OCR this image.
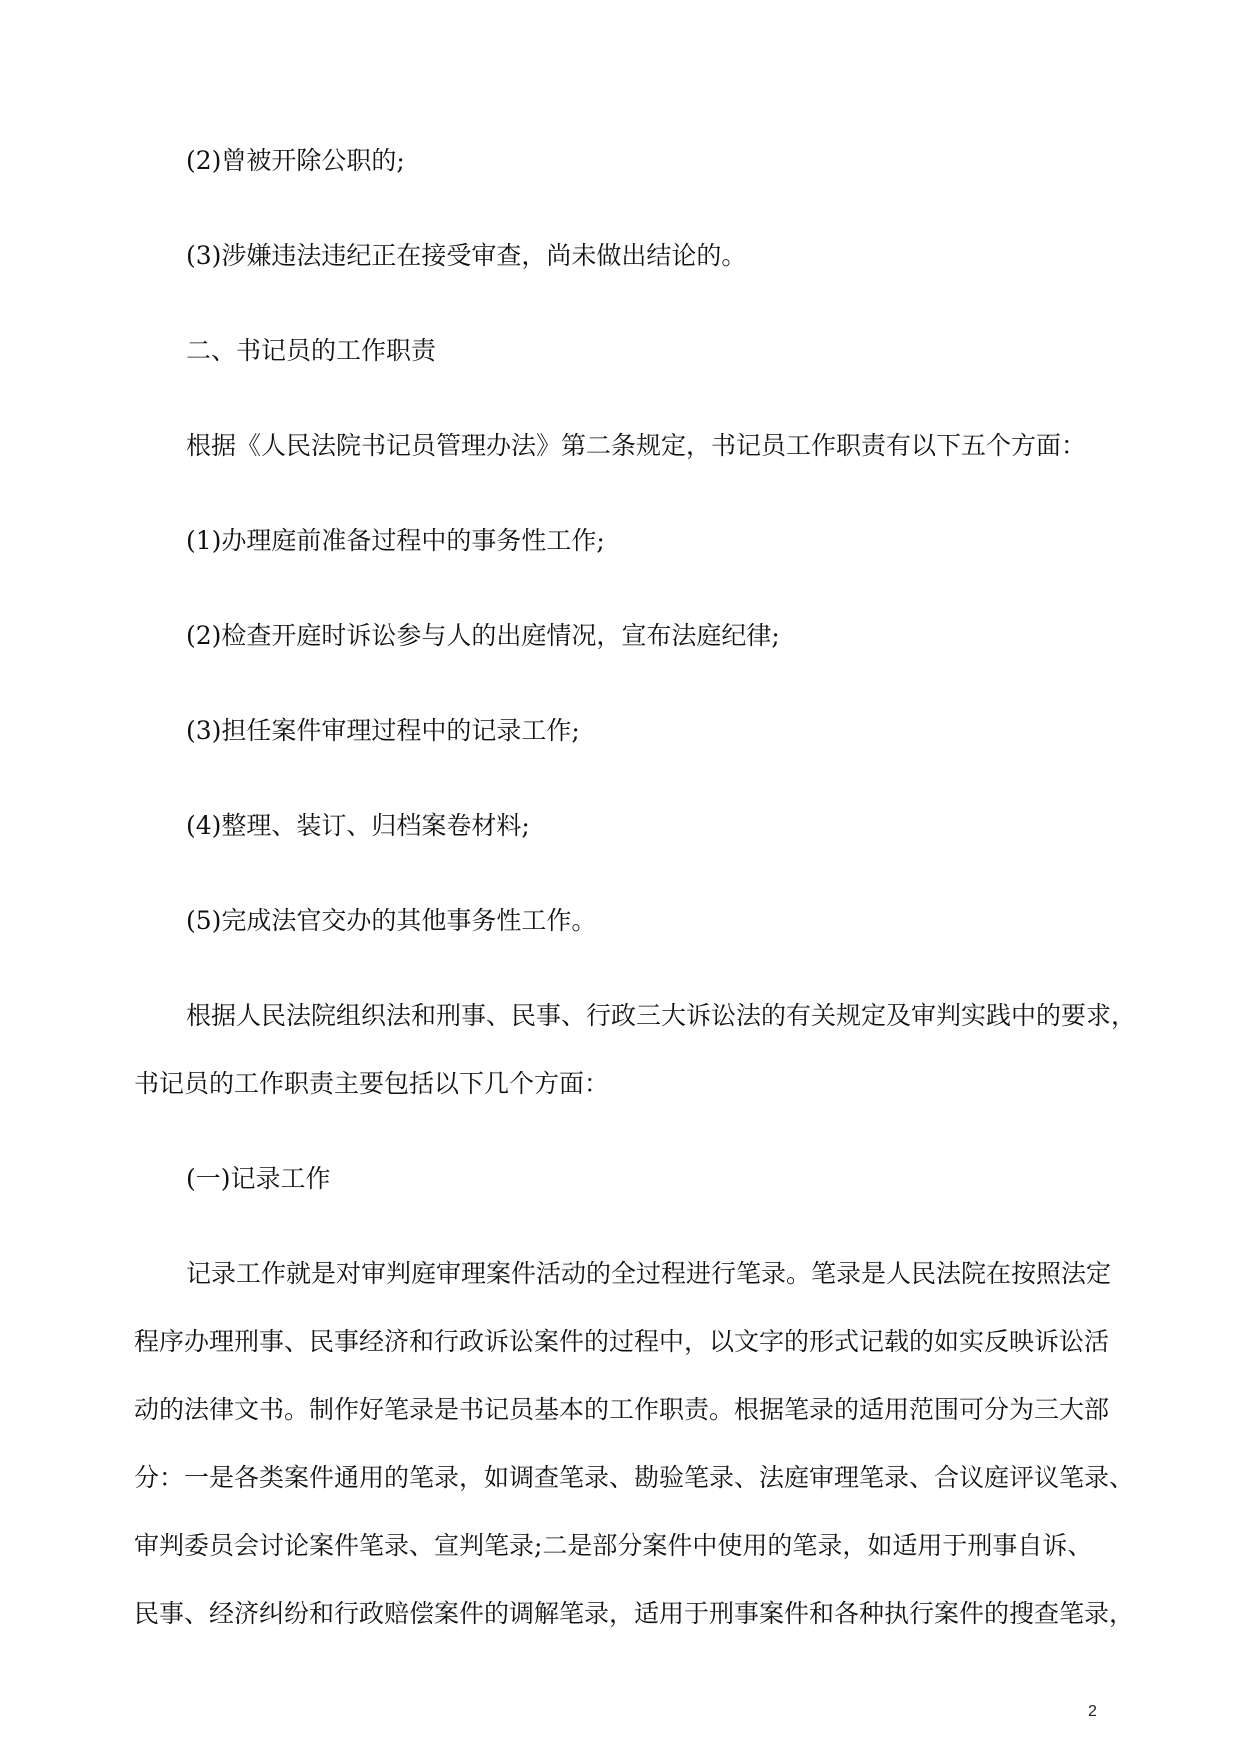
(2)曾被开除公职的;

(3)涉嫌违法违纪正在接受审查，尚未做出结论的。

二、书记员的工作职责

根据《人民法院书记员管理办法》第二条规定，书记员工作职责有以下五个方面：

(1)办理庭前准备过程中的事务性工作;

(2)检查开庭时诉讼参与人的出庭情况，宣布法庭纪律;

(3)担任案件审理过程中的记录工作;

(4)整理、装订、归档案卷材料;

(5)完成法官交办的其他事务性工作。

根据人民法院组织法和刑事、民事、行政三大诉讼法的有关规定及审判实践中的要求，

书记员的工作职责主要包括以下几个方面：

(一)记录工作

记录工作就是对审判庭审理案件活动的全过程进行笔录。笔录是人民法院在按照法定

程序办理刑事、民事经济和行政诉讼案件的过程中，以文字的形式记载的如实反映诉讼活

动的法律文书。制作好笔录是书记员基本的工作职责。根据笔录的适用范围可分为三大部

分：一是各类案件通用的笔录，如调查笔录、勘验笔录、法庭审理笔录、合议庭评议笔录、

审判委员会讨论案件笔录、宣判笔录;二是部分案件中使用的笔录，如适用于刑事自诉、

民事、经济纠纷和行政赔偿案件的调解笔录，适用于刑事案件和各种执行案件的搜查笔录，

2
